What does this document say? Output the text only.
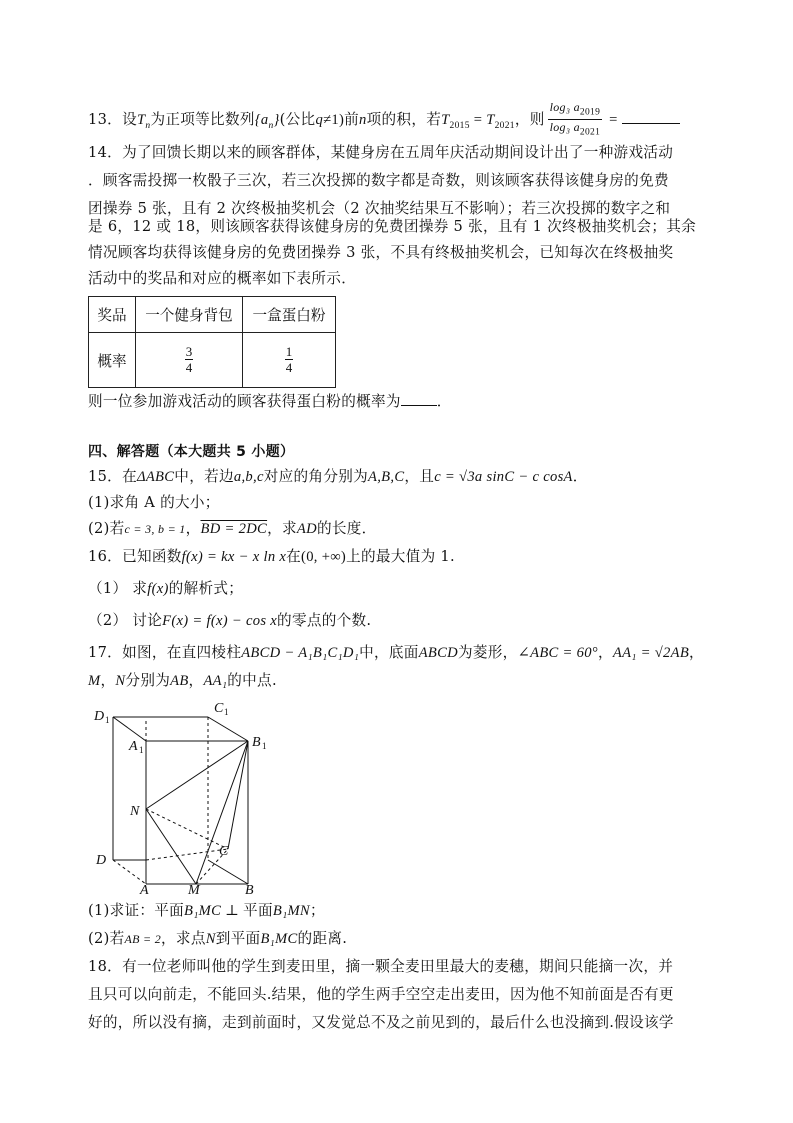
13．设$T_n$为正项等比数列$\{a_n\}$(公比q≠1)前n项的积，若$T_{2015} = T_{2021}$，则 $\frac{\log_3 a_{2019}}{\log_3 a_{2021}}$ =
14．为了回馈长期以来的顾客群体，某健身房在五周年庆活动期间设计出了一种游戏活动
．顾客需投掷一枚骰子三次，若三次投掷的数字都是奇数，则该顾客获得该健身房的免费
团操券 5 张，且有 2 次终极抽奖机会（2 次抽奖结果互不影响）；若三次投掷的数字之和
是 6，12 或 18，则该顾客获得该健身房的免费团操券 5 张，且有 1 次终极抽奖机会；其余
情况顾客均获得该健身房的免费团操券 3 张，不具有终极抽奖机会，已知每次在终极抽奖
活动中的奖品和对应的概率如下表所示．
奖品	一个健身背包	一盒蛋白粉
概率	$\frac{3}{4}$	$\frac{1}{4}$
则一位参加游戏活动的顾客获得蛋白粉的概率为 ．
四、解答题（本大题共 5 小题）
15．在ΔABC中，若边a,b,c对应的角分别为A,B,C，且c = √3a sinC − c cosA．
(1)求角 A 的大小；
(2)若c = 3, b = 1，BD = 2DC，求AD的长度．
16．已知函数f(x) = kx − x ln x在(0, +∞)上的最大值为 1.
（1） 求f(x)的解析式；
（2） 讨论F(x) = f(x) − cos x的零点的个数.
17．如图，在直四棱柱ABCD − A₁B₁C₁D₁中，底面ABCD为菱形，∠ABC = 60°，AA₁ = √2AB，
M，N分别为AB，AA₁的中点.
D 1
C 1
A 1	B 1
N
C
D
A	M	B
(1)求证：平面B₁MC ⊥ 平面B₁MN；
(2)若AB = 2，求点N到平面B₁MC的距离.
18．有一位老师叫他的学生到麦田里，摘一颗全麦田里最大的麦穗，期间只能摘一次，并
且只可以向前走，不能回头.结果，他的学生两手空空走出麦田，因为他不知前面是否有更
好的，所以没有摘，走到前面时，又发觉总不及之前见到的，最后什么也没摘到.假设该学
